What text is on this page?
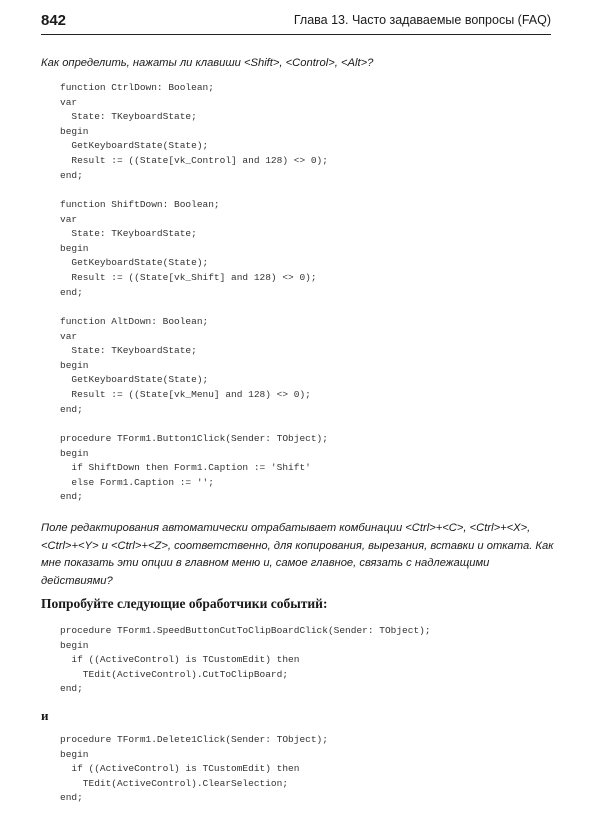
842	Глава 13. Часто задаваемые вопросы (FAQ)
Как определить, нажаты ли клавиши <Shift>, <Control>, <Alt>?
function CtrlDown: Boolean;
var
State: TKeyboardState;
begin
GetKeyboardState(State);
Result := ((State[vk_Control] and 128) <> 0);
end;
function ShiftDown: Boolean;
var
State: TKeyboardState;
begin
GetKeyboardState(State);
Result := ((State[vk_Shift] and 128) <> 0);
end;
function AltDown: Boolean;
var
State: TKeyboardState;
begin
GetKeyboardState(State);
Result := ((State[vk_Menu] and 128) <> 0);
end;
procedure TForm1.Button1Click(Sender: TObject);
begin
if ShiftDown then Form1.Caption := 'Shift'
else Form1.Caption := '';
end;
Поле редактирования автоматически отрабатывает комбинации <Ctrl>+<C>, <Ctrl>+<X>, <Ctrl>+<Y> и <Ctrl>+<Z>, соответственно, для копирования, вырезания, вставки и отката. Как мне показать эти опции в главном меню и, самое главное, связать с надлежащими действиями?
Попробуйте следующие обработчики событий:
procedure TForm1.SpeedButtonCutToClipBoardClick(Sender: TObject);
begin
if ((ActiveControl) is TCustomEdit) then
TEdit(ActiveControl).CutToClipBoard;
end;
и
procedure TForm1.Delete1Click(Sender: TObject);
begin
if ((ActiveControl) is TCustomEdit) then
TEdit(ActiveControl).ClearSelection;
end;
